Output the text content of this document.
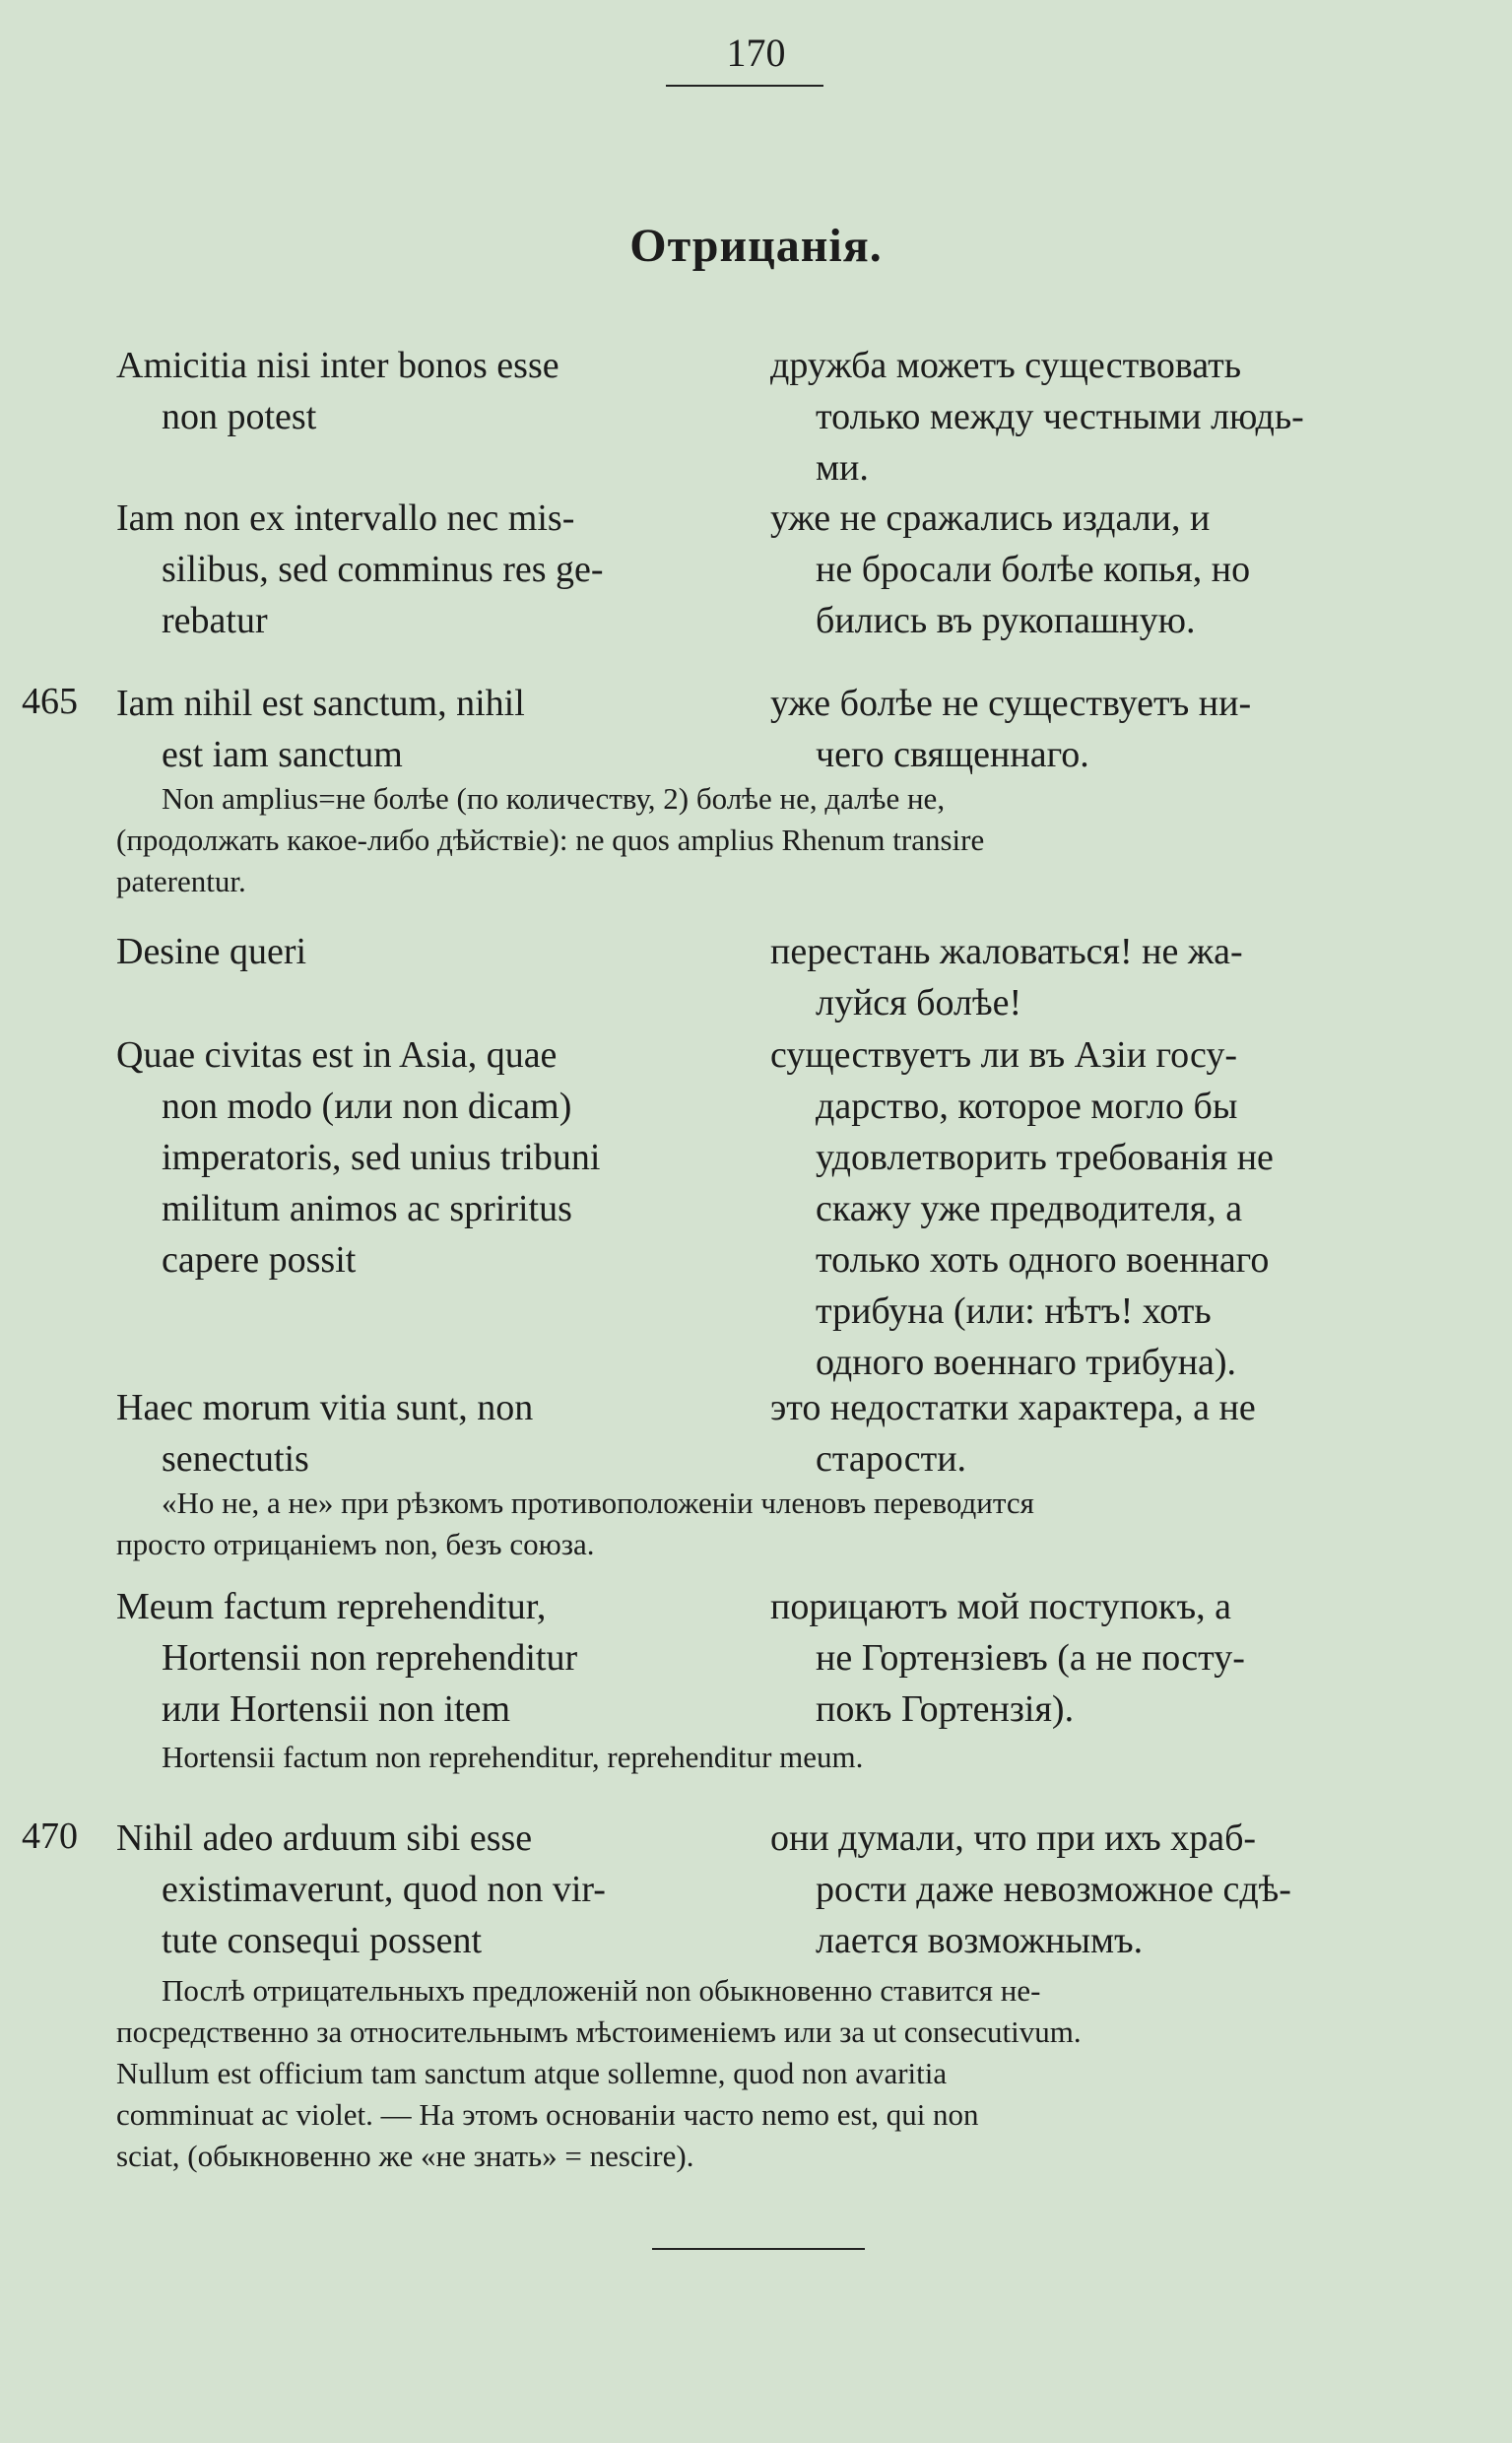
170
Отрицанія.
Amicitia nisi inter bonos esse
non potest
дружба можетъ существовать
только между честными людь-
ми.
Iam non ex intervallo nec mis-
silibus, sed comminus res ge-
rebatur
уже не сражались издали, и
не бросали болѣе копья, но
бились въ рукопашную.
465 Iam nihil est sanctum, nihil
est iam sanctum
уже болѣе не существуетъ ни-
чего священнаго.
Non amplius=не болѣе (по количеству, 2) болѣе не, далѣе не,
(продолжать какое-либо дѣйствіе): ne quos amplius Rhenum transire
paterentur.
Desine queri	перестань жаловаться! не жа-
луйся болѣе!
Quae civitas est in Asia, quae
non modo (или non dicam)
imperatoris, sed unius tribuni
militum animos ac spriritus
capere possit
существуетъ ли въ Азіи госу-
дарство, которое могло бы
удовлетворить требованія не
скажу уже предводителя, а
только хоть одного военнаго
трибуна (или: нѣтъ! хоть
одного военнаго трибуна).
Haec morum vitia sunt, non
senectutis
это недостатки характера, а не
старости.
«Но не, а не» при рѣзкомъ противоположеніи членовъ переводится
просто отрицаніемъ non, безъ союза.
Meum factum reprehenditur,
Hortensii non reprehenditur
или Hortensii non item
порицаютъ мой поступокъ, а
не Гортензіевъ (а не посту-
покъ Гортензія).
Hortensii factum non reprehenditur, reprehenditur meum.
470 Nihil adeo arduum sibi esse
existimaverunt, quod non vir-
tute consequi possent
они думали, что при ихъ храб-
рости даже невозможное сдѣ-
лается возможнымъ.
Послѣ отрицательныхъ предложеній non обыкновенно ставится не-
посредственно за относительнымъ мѣстоименіемъ или за ut consecutivum.
Nullum est officium tam sanctum atque sollemne, quod non avaritia
comminuat ac violet. — На этомъ основаніи часто nemo est, qui non
sciat, (обыкновенно же «не знать» = nescire).
